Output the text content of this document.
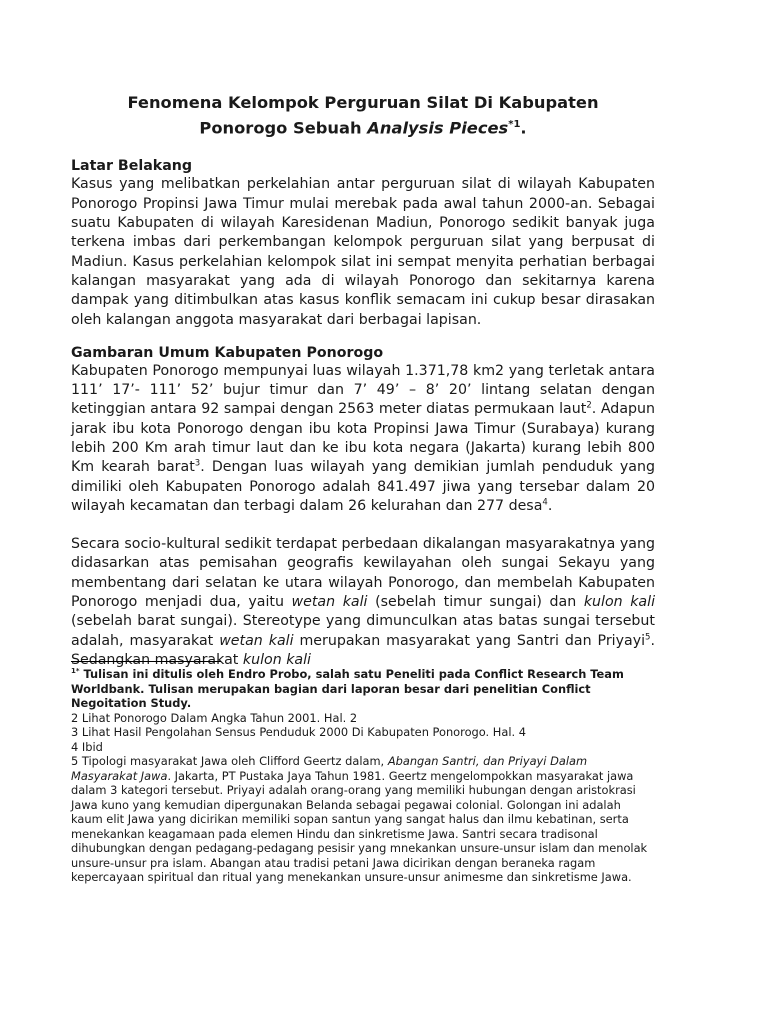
Fenomena Kelompok Perguruan Silat Di Kabupaten
Ponorogo Sebuah Analysis Pieces$^{*1}$.
Latar Belakang

Kasus yang melibatkan perkelahian antar perguruan silat di wilayah Kabupaten Ponorogo Propinsi Jawa Timur mulai merebak pada awal tahun 2000-an. Sebagai suatu Kabupaten di wilayah Karesidenan Madiun, Ponorogo sedikit banyak juga terkena imbas dari perkembangan kelompok perguruan silat yang berpusat di Madiun. Kasus perkelahian kelompok silat ini sempat menyita perhatian berbagai kalangan masyarakat yang ada di wilayah Ponorogo dan sekitarnya karena dampak yang ditimbulkan atas kasus konflik semacam ini cukup besar dirasakan oleh kalangan anggota masyarakat dari berbagai lapisan.

Gambaran Umum Kabupaten Ponorogo

Kabupaten Ponorogo mempunyai luas wilayah 1.371,78 km2 yang terletak antara 111’ 17’- 111’ 52’ bujur timur dan 7’ 49’ – 8’ 20’ lintang selatan dengan ketinggian antara 92 sampai dengan 2563 meter diatas permukaan laut$^2$. Adapun jarak ibu kota Ponorogo dengan ibu kota Propinsi Jawa Timur (Surabaya) kurang lebih 200 Km arah timur laut dan ke ibu kota negara (Jakarta) kurang lebih 800 Km kearah barat$^3$. Dengan luas wilayah yang demikian jumlah penduduk yang dimiliki oleh Kabupaten Ponorogo adalah 841.497 jiwa yang tersebar dalam 20 wilayah kecamatan dan terbagi dalam 26 kelurahan dan 277 desa$^4$.

Secara socio-kultural sedikit terdapat perbedaan dikalangan masyarakatnya yang didasarkan atas pemisahan geografis kewilayahan oleh sungai Sekayu yang membentang dari selatan ke utara wilayah Ponorogo, dan membelah Kabupaten Ponorogo menjadi dua, yaitu wetan kali (sebelah timur sungai) dan kulon kali (sebelah barat sungai). Stereotype yang dimunculkan atas batas sungai tersebut adalah, masyarakat wetan kali merupakan masyarakat yang Santri dan Priyayi$^5$. Sedangkan masyarakat kulon kali

$^{1*}$ Tulisan ini ditulis oleh Endro Probo, salah satu Peneliti pada Conflict Research Team Worldbank. Tulisan merupakan bagian dari laporan besar dari penelitian Conflict Negoitation Study.

2 Lihat Ponorogo Dalam Angka Tahun 2001. Hal. 2

3 Lihat Hasil Pengolahan Sensus Penduduk 2000 Di Kabupaten Ponorogo. Hal. 4

4 Ibid

5 Tipologi masyarakat Jawa oleh Clifford Geertz dalam, Abangan Santri, dan Priyayi Dalam Masyarakat Jawa. Jakarta, PT Pustaka Jaya Tahun 1981. Geertz mengelompokkan masyarakat jawa dalam 3 kategori tersebut. Priyayi adalah orang-orang yang memiliki hubungan dengan aristokrasi Jawa kuno yang kemudian dipergunakan Belanda sebagai pegawai colonial. Golongan ini adalah kaum elit Jawa yang dicirikan memiliki sopan santun yang sangat halus dan ilmu kebatinan, serta menekankan keagamaan pada elemen Hindu dan sinkretisme Jawa. Santri secara tradisonal dihubungkan dengan pedagang-pedagang pesisir yang mnekankan unsure-unsur islam dan menolak unsure-unsur pra islam. Abangan atau tradisi petani Jawa dicirikan dengan beraneka ragam kepercayaan spiritual dan ritual yang menekankan unsure-unsur animesme dan sinkretisme Jawa.
